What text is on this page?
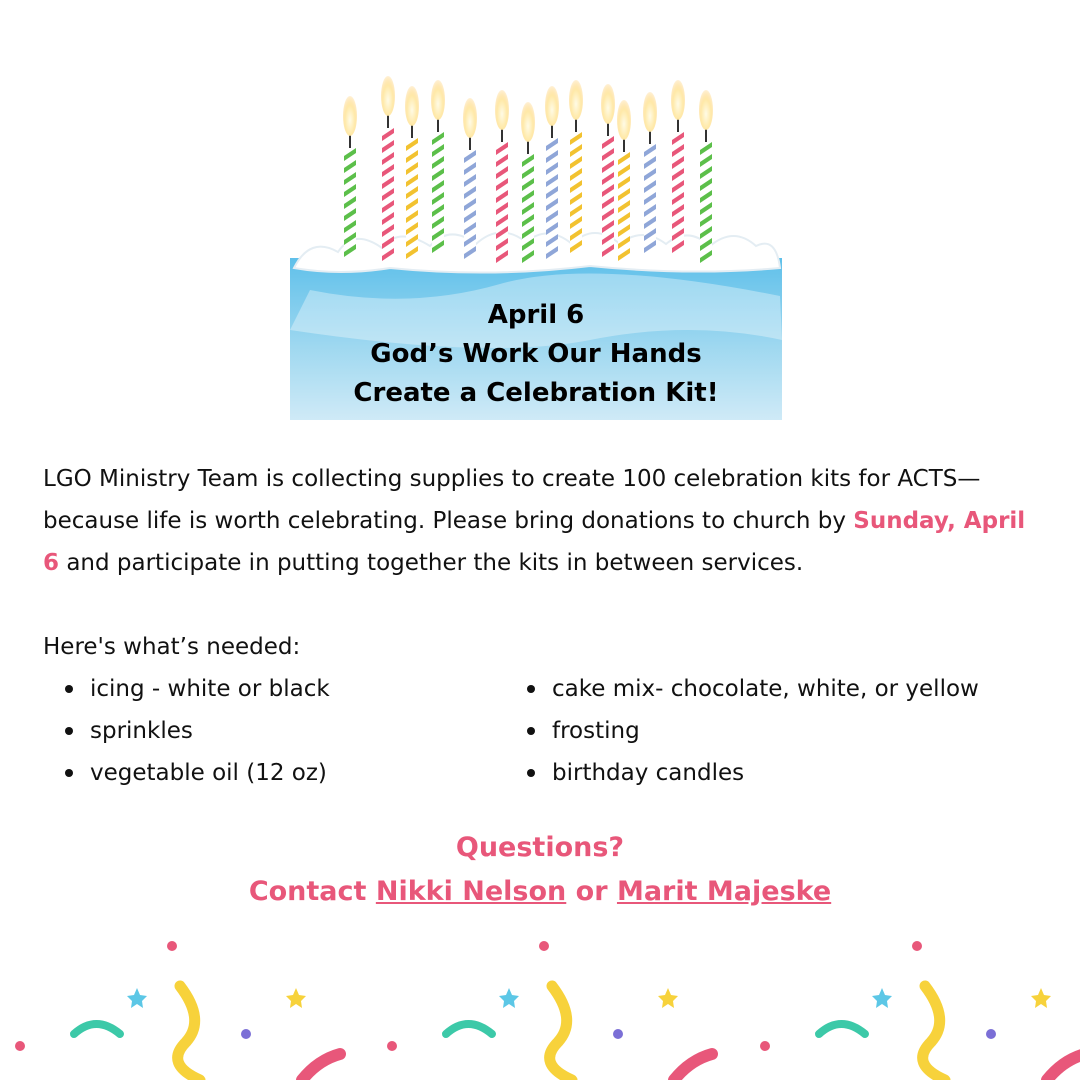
April 6
God’s Work Our Hands
Create a Celebration Kit!
LGO Ministry Team is collecting supplies to create 100 celebration kits for ACTS— because life is worth celebrating. Please bring donations to church by Sunday, April 6 and participate in putting together the kits in between services.
Here's what’s needed:
icing - white or black
sprinkles
vegetable oil (12 oz)
cake mix- chocolate, white, or yellow
frosting
birthday candles
Questions?
Contact Nikki Nelson or Marit Majeske
